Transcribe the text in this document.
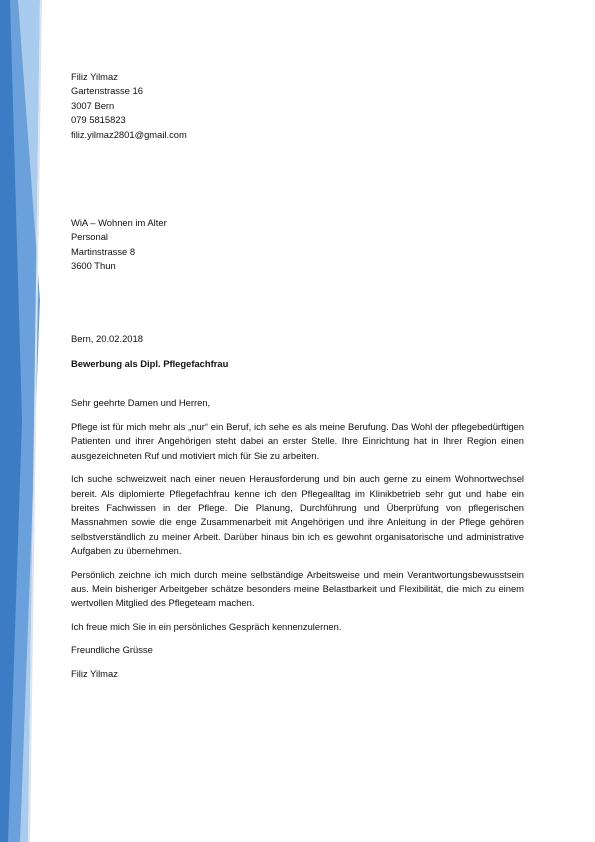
Filiz Yilmaz
Gartenstrasse 16
3007 Bern
079 5815823
filiz.yilmaz2801@gmail.com
WiA – Wohnen im Alter
Personal
Martinstrasse 8
3600 Thun
Bern, 20.02.2018
Bewerbung als Dipl. Pflegefachfrau
Sehr geehrte Damen und Herren,

Pflege ist für mich mehr als „nur“ ein Beruf, ich sehe es als meine Berufung. Das Wohl der pflegebedürftigen Patienten und ihrer Angehörigen steht dabei an erster Stelle. Ihre Einrichtung hat in Ihrer Region einen ausgezeichneten Ruf und motiviert mich für Sie zu arbeiten.

Ich suche schweizweit nach einer neuen Herausforderung und bin auch gerne zu einem Wohnortwechsel bereit. Als diplomierte Pflegefachfrau kenne ich den Pflegealltag im Klinikbetrieb sehr gut und habe ein breites Fachwissen in der Pflege. Die Planung, Durchführung und Überprüfung von pflegerischen Massnahmen sowie die enge Zusammenarbeit mit Angehörigen und ihre Anleitung in der Pflege gehören selbstverständlich zu meiner Arbeit. Darüber hinaus bin ich es gewohnt organisatorische und administrative Aufgaben zu übernehmen.

Persönlich zeichne ich mich durch meine selbständige Arbeitsweise und mein Verantwortungsbewusstsein aus. Mein bisheriger Arbeitgeber schätze besonders meine Belastbarkeit und Flexibilität, die mich zu einem wertvollen Mitglied des Pflegeteam machen.

Ich freue mich Sie in ein persönliches Gespräch kennenzulernen.

Freundliche Grüsse
Filiz Yilmaz
